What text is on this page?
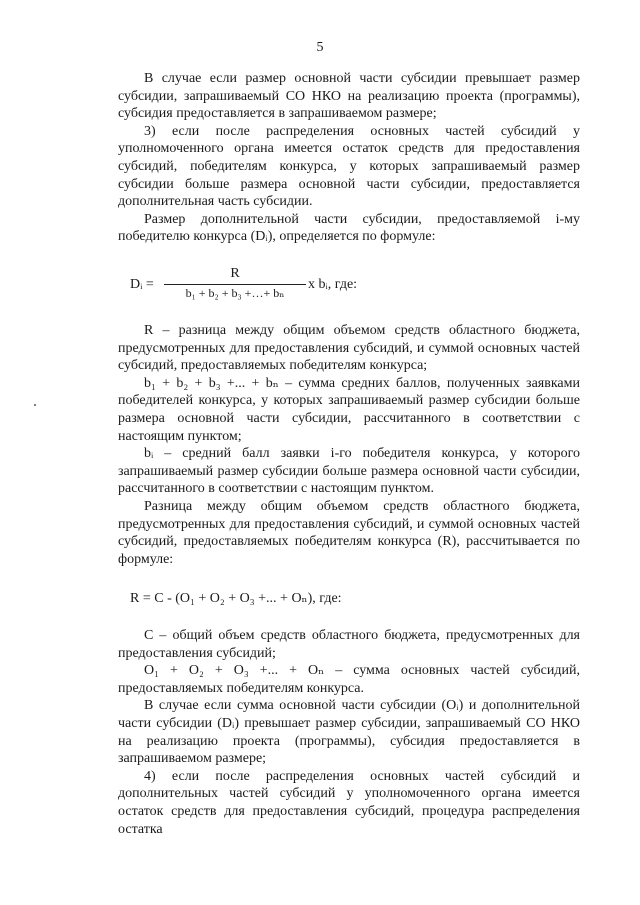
5

В случае если размер основной части субсидии превышает размер субсидии, запрашиваемый СО НКО на реализацию проекта (программы), субсидия предоставляется в запрашиваемом размере;

3) если после распределения основных частей субсидий у уполномоченного органа имеется остаток средств для предоставления субсидий, победителям конкурса, у которых запрашиваемый размер субсидии больше размера основной части субсидии, предоставляется дополнительная часть субсидии.

Размер дополнительной части субсидии, предоставляемой i-му победителю конкурса (Dᵢ), определяется по формуле:

Dᵢ =
R
b₁ + b₂ + b₃ +…+ bₙ
x bᵢ, где:

R – разница между общим объемом средств областного бюджета, предусмотренных для предоставления субсидий, и суммой основных частей субсидий, предоставляемых победителям конкурса;

b₁ + b₂ + b₃ +... + bₙ – сумма средних баллов, полученных заявками победителей конкурса, у которых запрашиваемый размер субсидии больше размера основной части субсидии, рассчитанного в соответствии с настоящим пунктом;

bᵢ – средний балл заявки i-го победителя конкурса, у которого запрашиваемый размер субсидии больше размера основной части субсидии, рассчитанного в соответствии с настоящим пунктом.

Разница между общим объемом средств областного бюджета, предусмотренных для предоставления субсидий, и суммой основных частей субсидий, предоставляемых победителям конкурса (R), рассчитывается по формуле:

R = C - (O₁ + O₂ + O₃ +... + Oₙ), где:

C – общий объем средств областного бюджета, предусмотренных для предоставления субсидий;

O₁ + O₂ + O₃ +... + Oₙ – сумма основных частей субсидий, предоставляемых победителям конкурса.

В случае если сумма основной части субсидии (Oᵢ) и дополнительной части субсидии (Dᵢ) превышает размер субсидии, запрашиваемый СО НКО на реализацию проекта (программы), субсидия предоставляется в запрашиваемом размере;

4) если после распределения основных частей субсидий и дополнительных частей субсидий у уполномоченного органа имеется остаток средств для предоставления субсидий, процедура распределения остатка
